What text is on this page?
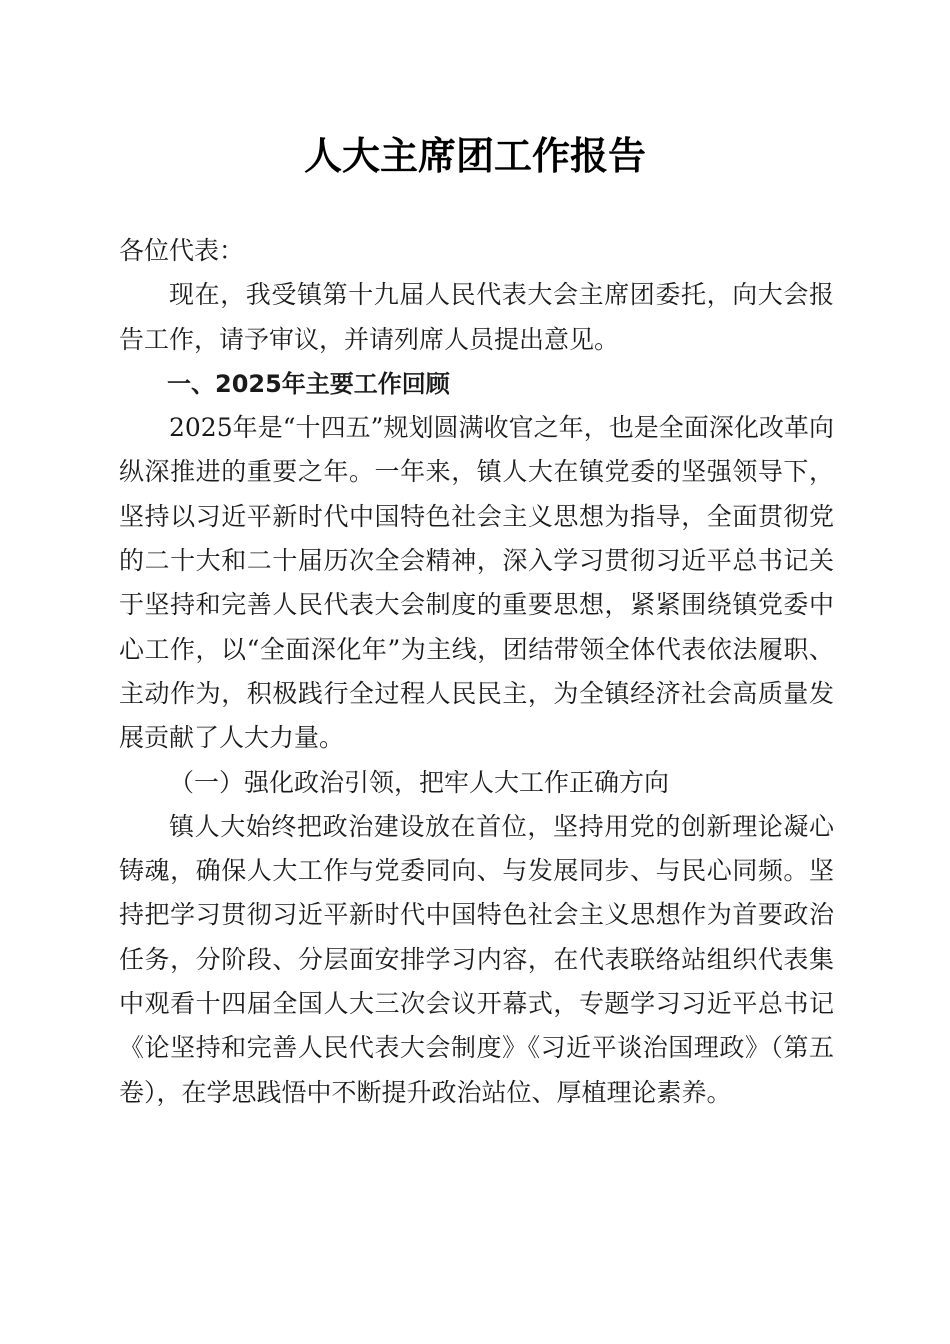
人大主席团工作报告

各位代表：

现在，我受镇第十九届人民代表大会主席团委托，向大会报告工作，请予审议，并请列席人员提出意见。

一、2025年主要工作回顾

2025年是“十四五”规划圆满收官之年，也是全面深化改革向纵深推进的重要之年。一年来，镇人大在镇党委的坚强领导下，坚持以习近平新时代中国特色社会主义思想为指导，全面贯彻党的二十大和二十届历次全会精神，深入学习贯彻习近平总书记关于坚持和完善人民代表大会制度的重要思想，紧紧围绕镇党委中心工作，以“全面深化年”为主线，团结带领全体代表依法履职、主动作为，积极践行全过程人民民主，为全镇经济社会高质量发展贡献了人大力量。

（一）强化政治引领，把牢人大工作正确方向

镇人大始终把政治建设放在首位，坚持用党的创新理论凝心铸魂，确保人大工作与党委同向、与发展同步、与民心同频。坚持把学习贯彻习近平新时代中国特色社会主义思想作为首要政治任务，分阶段、分层面安排学习内容，在代表联络站组织代表集中观看十四届全国人大三次会议开幕式，专题学习习近平总书记《论坚持和完善人民代表大会制度》《习近平谈治国理政》（第五卷），在学思践悟中不断提升政治站位、厚植理论素养。
